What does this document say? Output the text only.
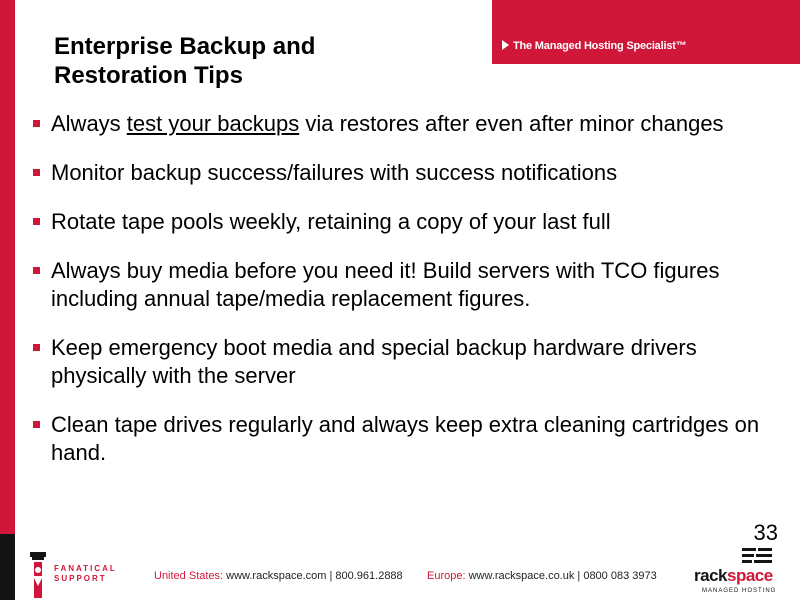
The Managed Hosting Specialist™
Enterprise Backup and Restoration Tips
Always test your backups via restores after even after minor changes
Monitor backup success/failures with success notifications
Rotate tape pools weekly, retaining a copy of your last full
Always buy media before you need it! Build servers with TCO figures including annual tape/media replacement figures.
Keep emergency boot media and special backup hardware drivers physically with the server
Clean tape drives regularly and always keep extra cleaning cartridges on hand.
33
FANATICAL
SUPPORT	United States: www.rackspace.com | 800.961.2888 Europe: www.rackspace.co.uk | 0800 083 3973 rackspace
MANAGED HOSTING
